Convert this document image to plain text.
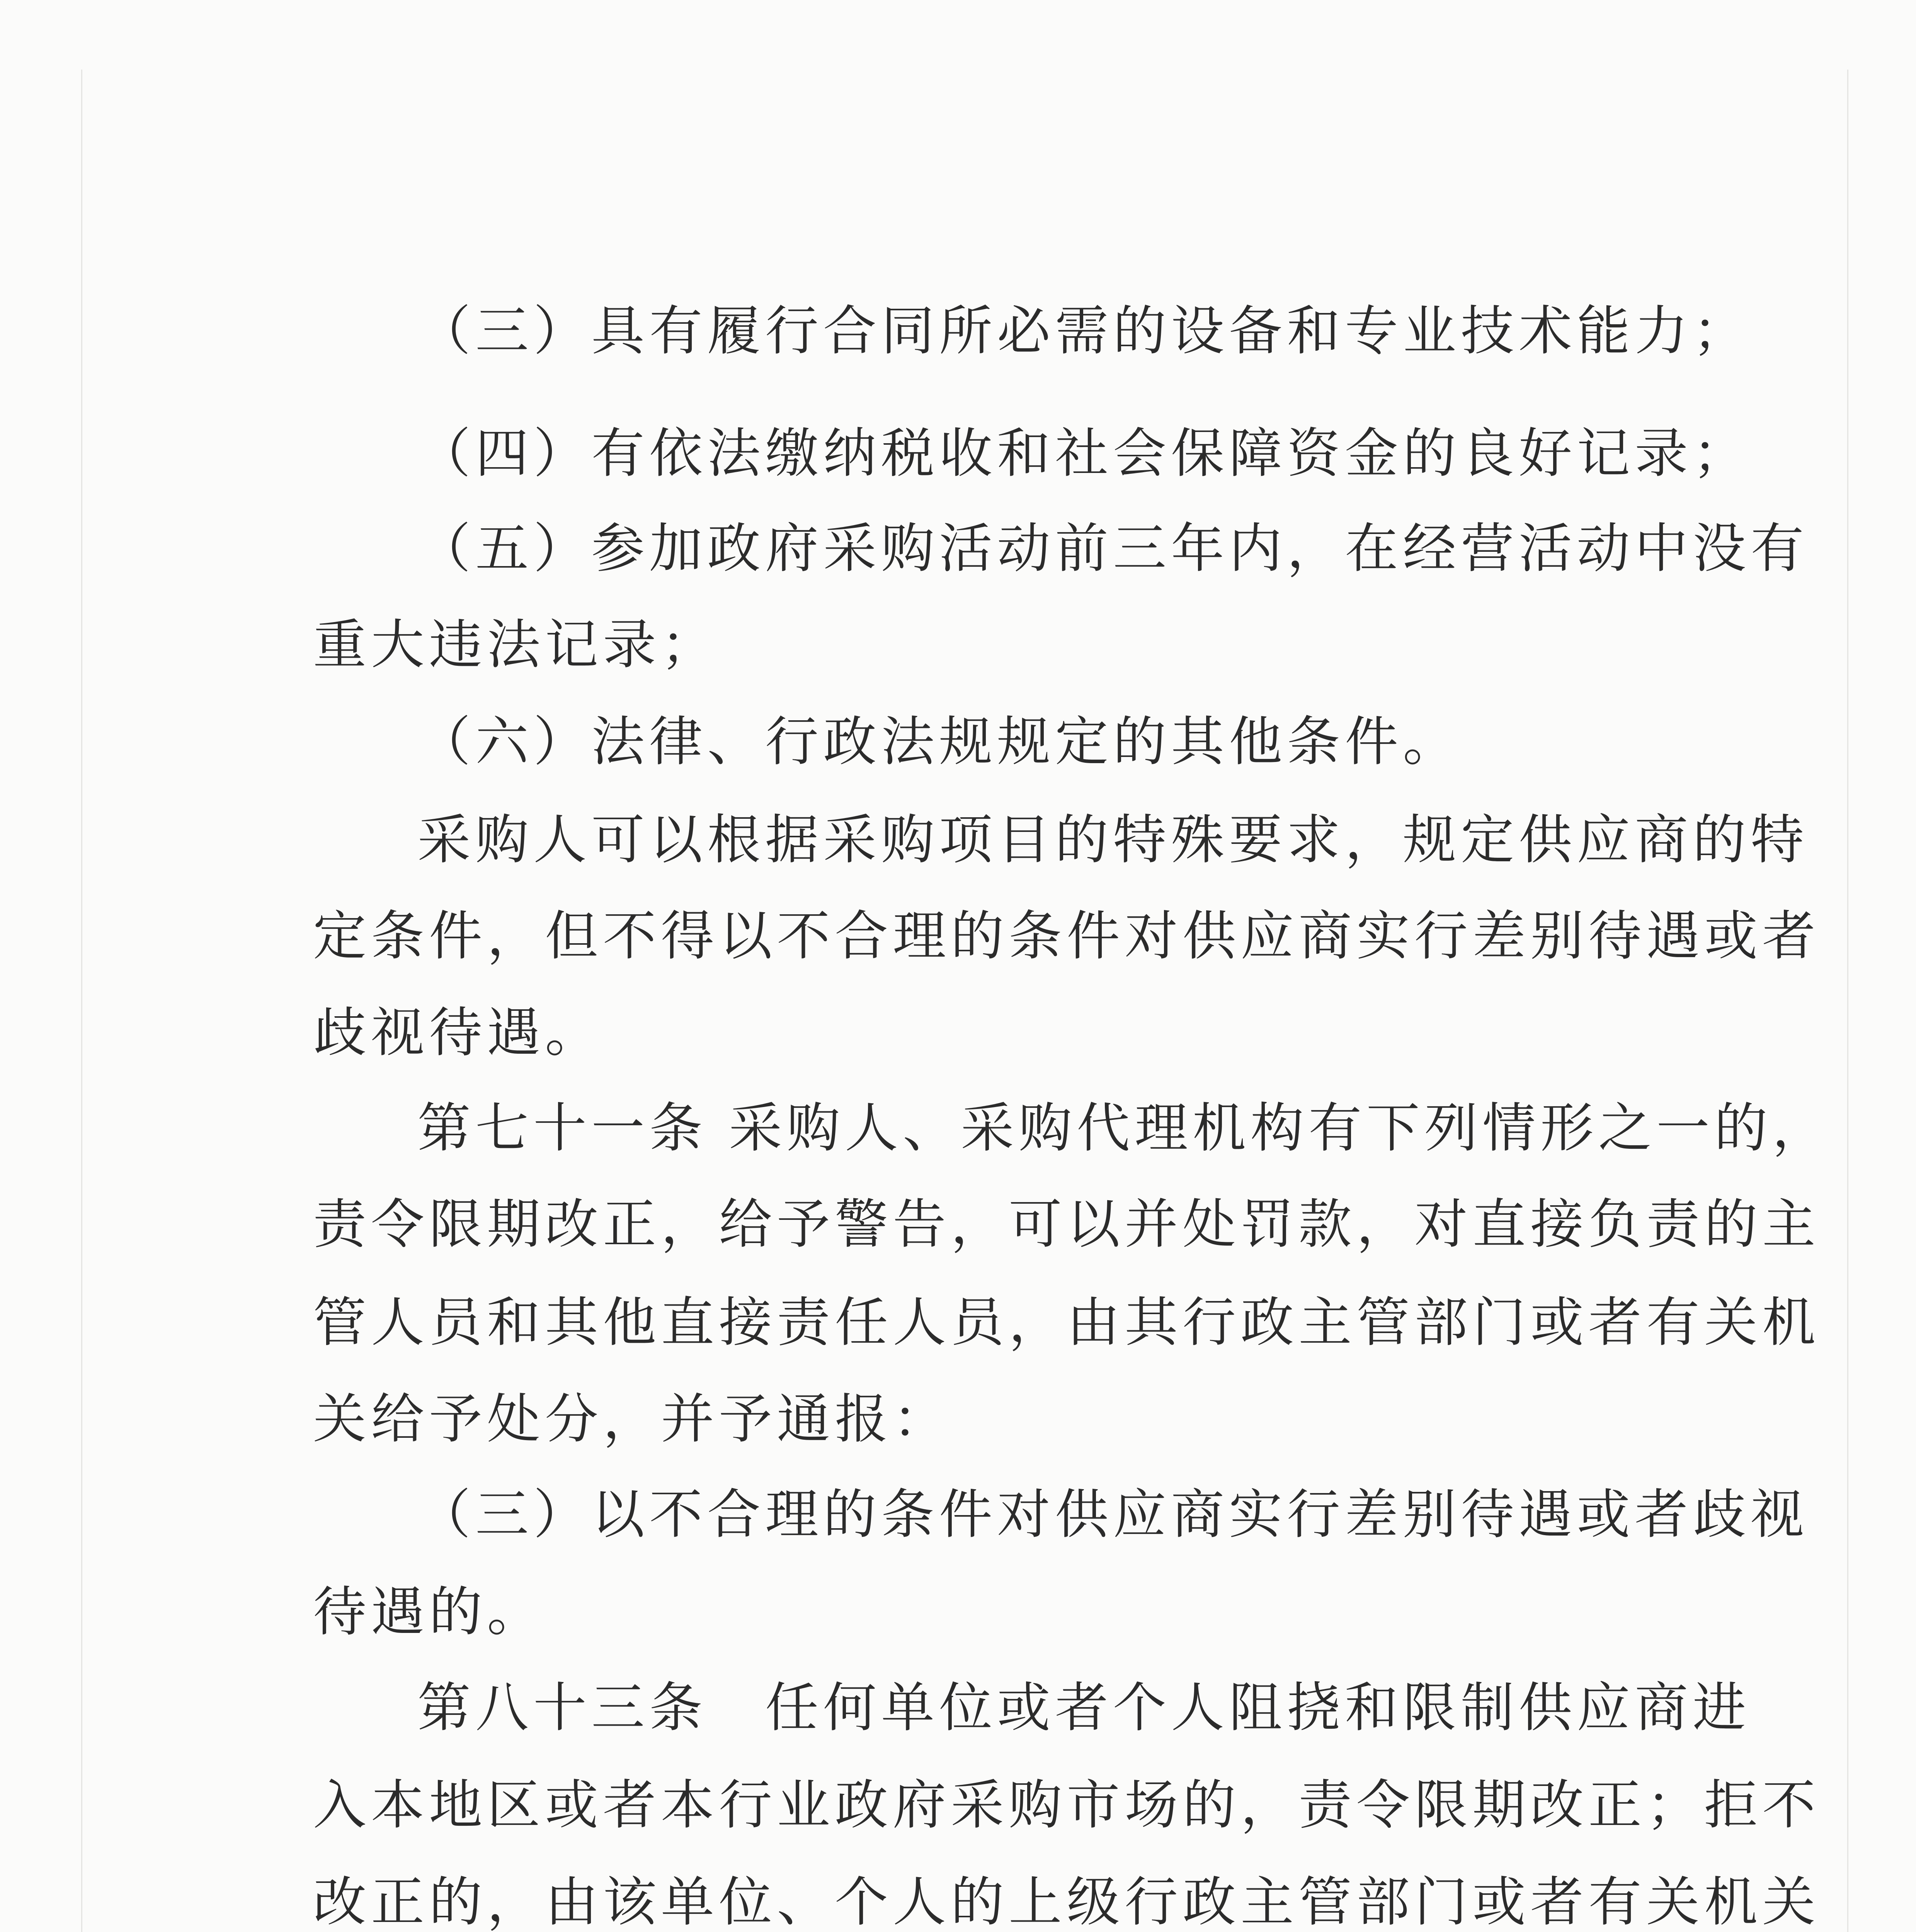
（三）具有履行合同所必需的设备和专业技术能力；

（四）有依法缴纳税收和社会保障资金的良好记录；

（五）参加政府采购活动前三年内，在经营活动中没有

重大违法记录；

（六）法律、行政法规规定的其他条件。

采购人可以根据采购项目的特殊要求，规定供应商的特

定条件，但不得以不合理的条件对供应商实行差别待遇或者

歧视待遇。

第七十一条 采购人、采购代理机构有下列情形之一的，

责令限期改正，给予警告，可以并处罚款，对直接负责的主

管人员和其他直接责任人员，由其行政主管部门或者有关机

关给予处分，并予通报：

（三）以不合理的条件对供应商实行差别待遇或者歧视

待遇的。

第八十三条　任何单位或者个人阻挠和限制供应商进

入本地区或者本行业政府采购市场的，责令限期改正；拒不

改正的，由该单位、个人的上级行政主管部门或者有关机关
